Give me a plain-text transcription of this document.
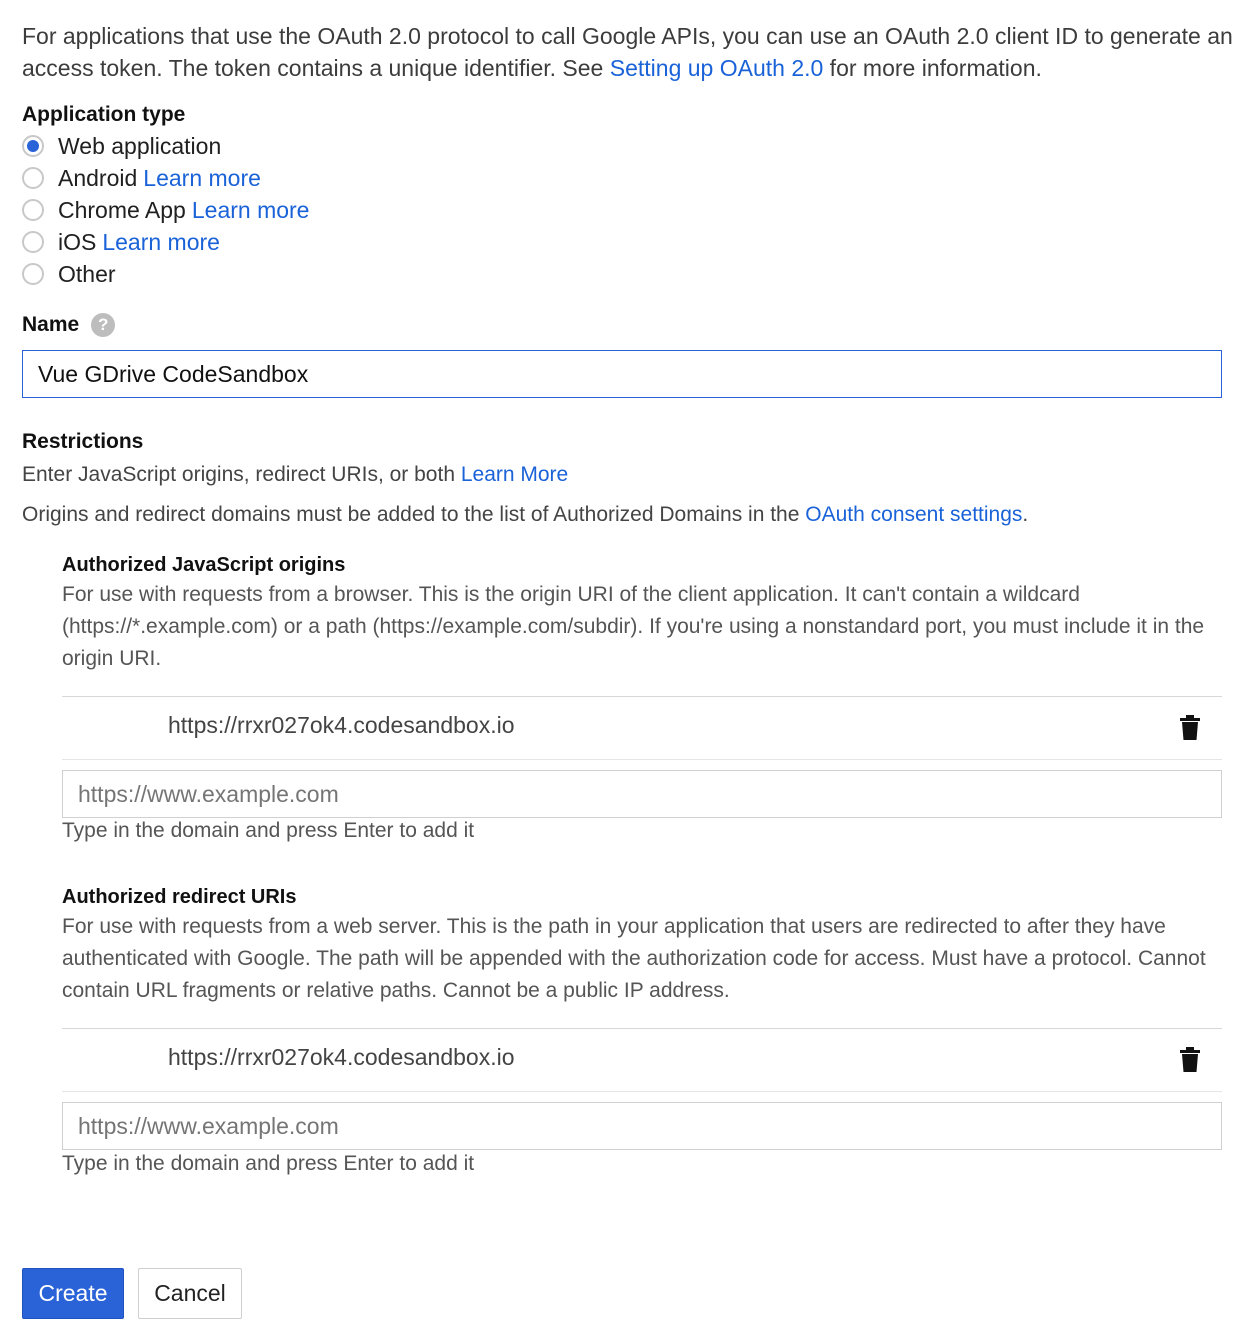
For applications that use the OAuth 2.0 protocol to call Google APIs, you can use an OAuth 2.0 client ID to generate an access token. The token contains a unique identifier. See Setting up OAuth 2.0 for more information.
Application type
Web application
Android Learn more
Chrome App Learn more
iOS Learn more
Other
Name ?
Vue GDrive CodeSandbox
Restrictions
Enter JavaScript origins, redirect URIs, or both Learn More
Origins and redirect domains must be added to the list of Authorized Domains in the OAuth consent settings.
Authorized JavaScript origins
For use with requests from a browser. This is the origin URI of the client application. It can't contain a wildcard (https://*.example.com) or a path (https://example.com/subdir). If you're using a nonstandard port, you must include it in the origin URI.
https://rrxr027ok4.codesandbox.io
https://www.example.com
Type in the domain and press Enter to add it
Authorized redirect URIs
For use with requests from a web server. This is the path in your application that users are redirected to after they have authenticated with Google. The path will be appended with the authorization code for access. Must have a protocol. Cannot contain URL fragments or relative paths. Cannot be a public IP address.
https://rrxr027ok4.codesandbox.io
https://www.example.com
Type in the domain and press Enter to add it
Create	Cancel
